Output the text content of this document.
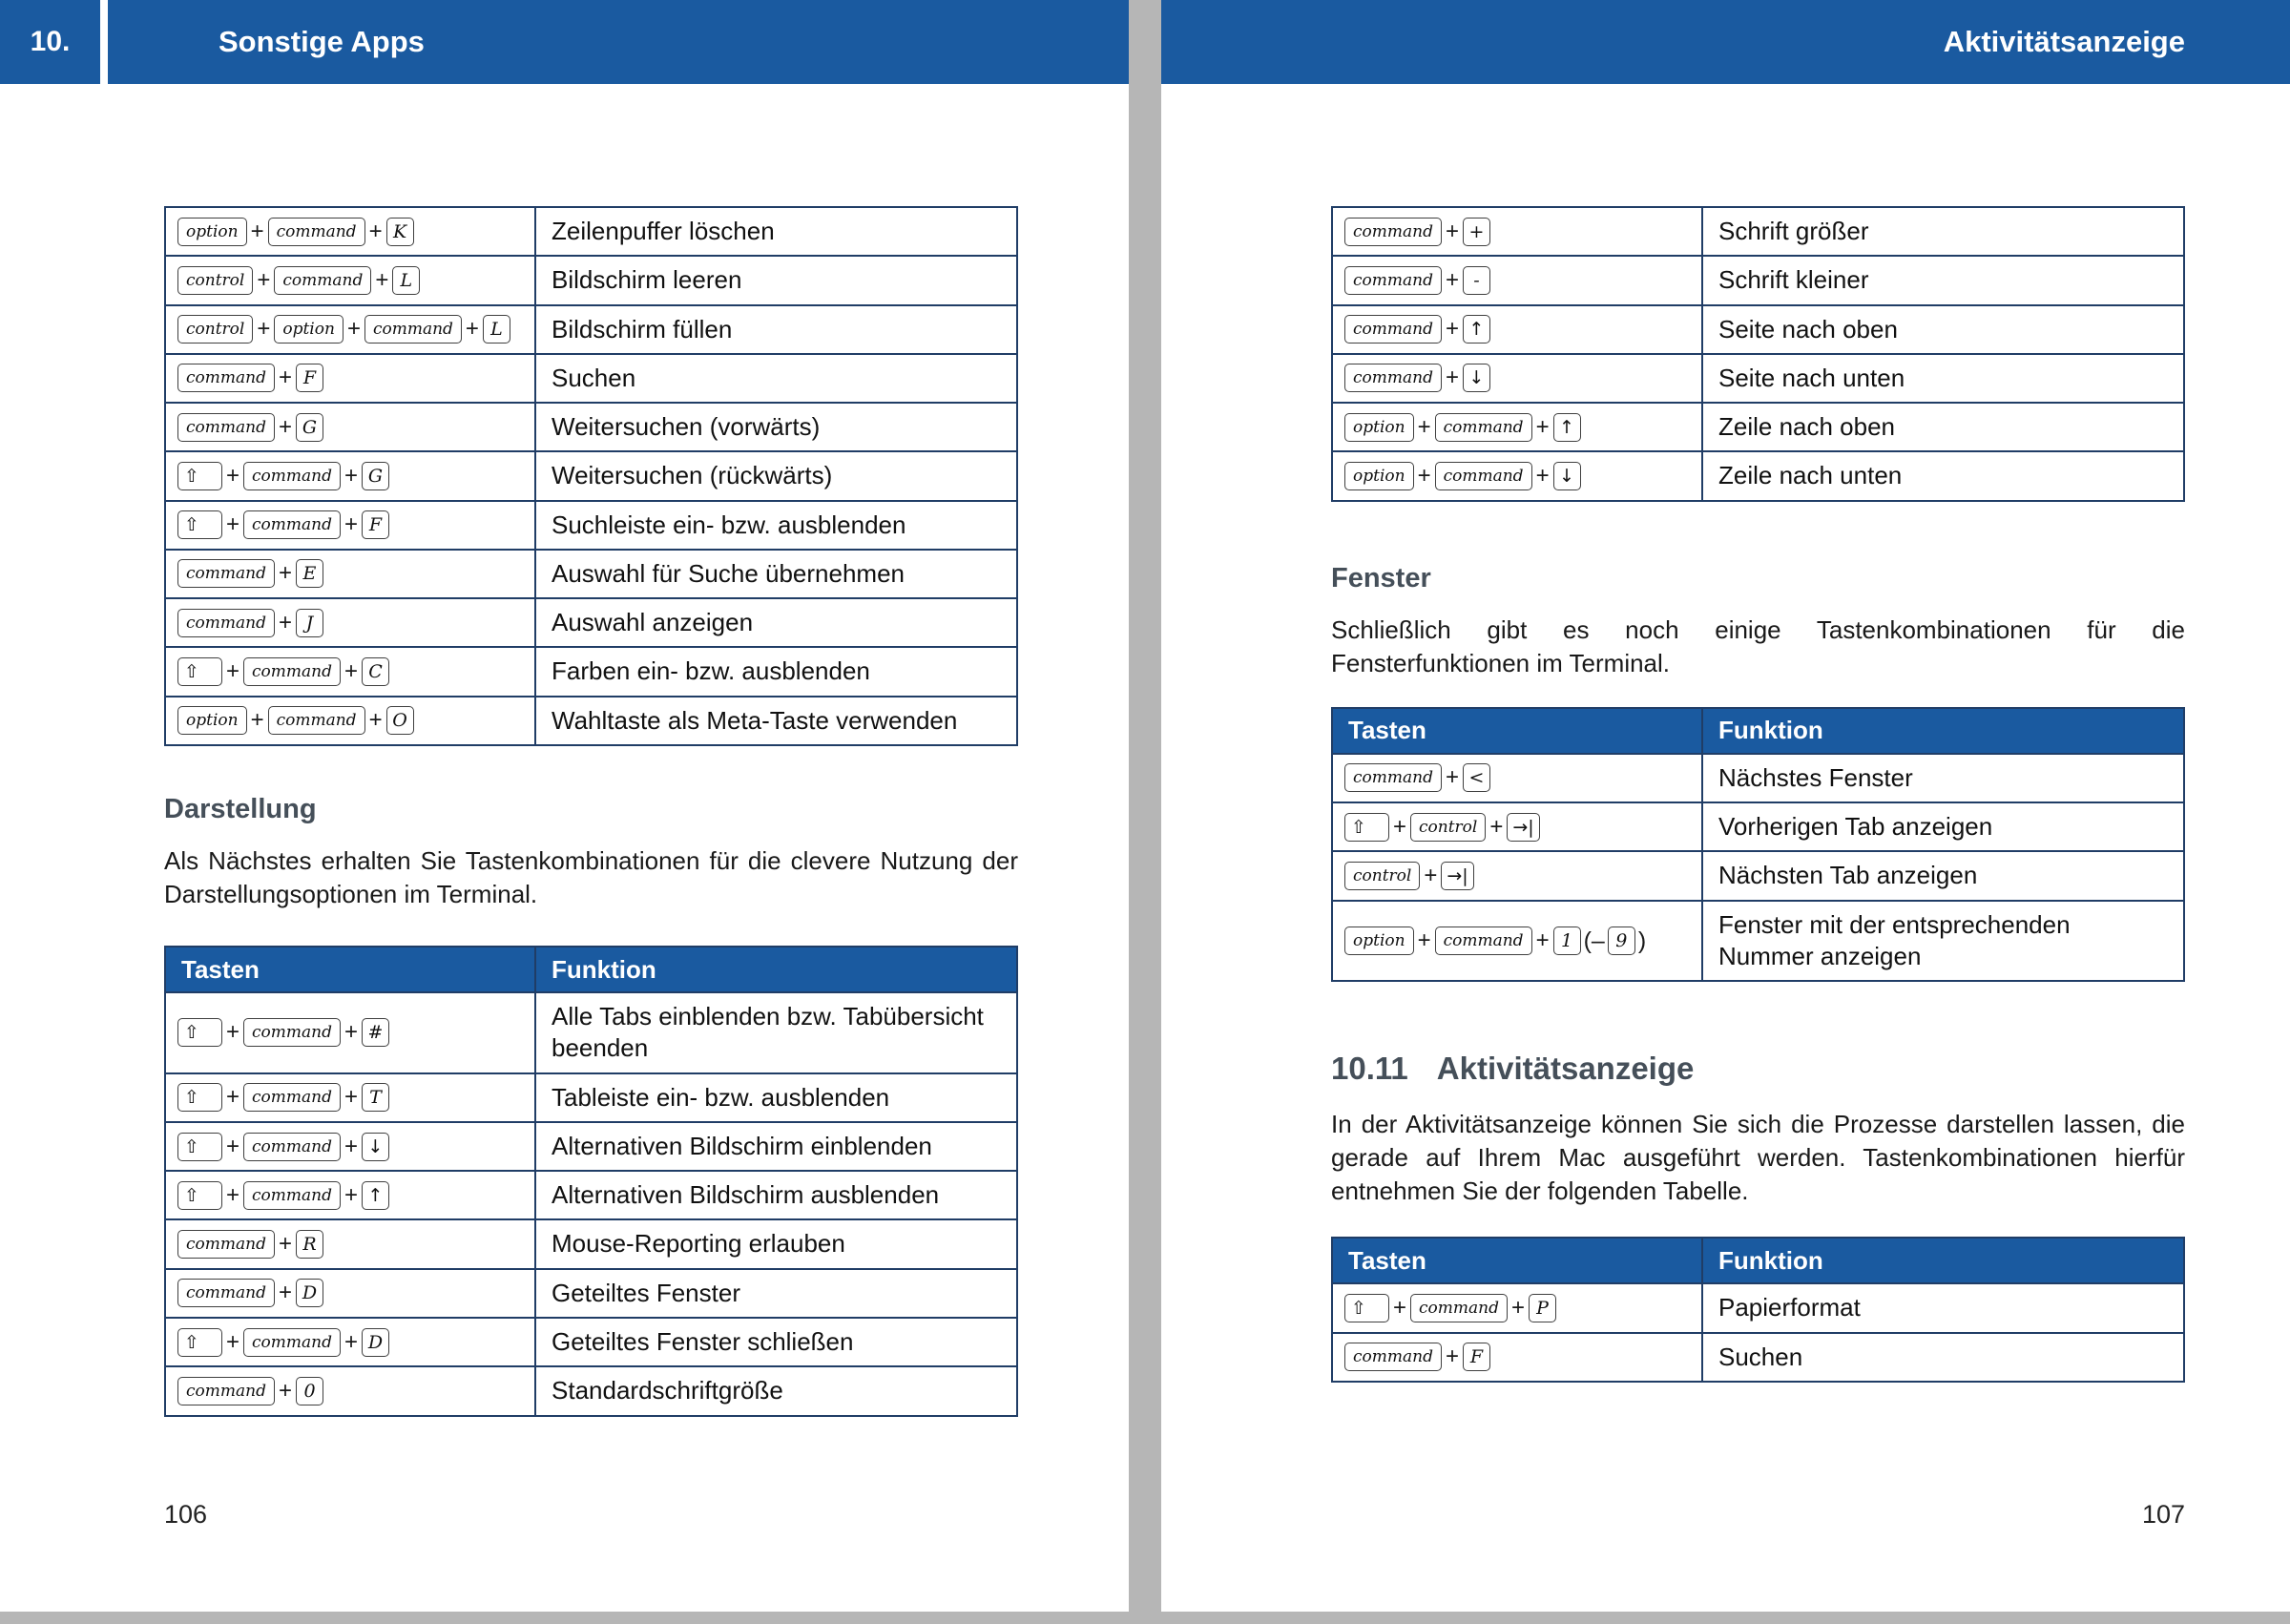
10.	Sonstige Apps
option + command + K	Zeilenpuffer löschen
control + command + L	Bildschirm leeren
control + option + command + L	Bildschirm füllen
command + F	Suchen
command + G	Weitersuchen (vorwärts)
⇧ + command + G	Weitersuchen (rückwärts)
⇧ + command + F	Suchleiste ein- bzw. ausblenden
command + E	Auswahl für Suche übernehmen
command + J	Auswahl anzeigen
⇧ + command + C	Farben ein- bzw. ausblenden
option + command + O	Wahltaste als Meta-Taste verwenden
Darstellung

Als Nächstes erhalten Sie Tastenkombinationen für die clevere Nutzung der Darstellungsoptionen im Terminal.

Tasten	Funktion
⇧ + command + #	Alle Tabs einblenden bzw. Tabübersicht beenden
⇧ + command + T	Tableiste ein- bzw. ausblenden
⇧ + command + ↓	Alternativen Bildschirm einblenden
⇧ + command + ↑	Alternativen Bildschirm ausblenden
command + R	Mouse-Reporting erlauben
command + D	Geteiltes Fenster
⇧ + command + D	Geteiltes Fenster schließen
command + 0	Standardschriftgröße
106
Aktivitätsanzeige
command + +	Schrift größer
command + -	Schrift kleiner
command + ↑	Seite nach oben
command + ↓	Seite nach unten
option + command + ↑	Zeile nach oben
option + command + ↓	Zeile nach unten
Fenster

Schließlich gibt es noch einige Tastenkombinationen für die Fensterfunktionen im Terminal.

Tasten	Funktion
command + <	Nächstes Fenster
⇧ + control + →|	Vorherigen Tab anzeigen
control + →|	Nächsten Tab anzeigen
option + command + 1 (– 9 )	Fenster mit der entsprechenden Nummer anzeigen
10.11 Aktivitätsanzeige

In der Aktivitätsanzeige können Sie sich die Prozesse darstellen lassen, die gerade auf Ihrem Mac ausgeführt werden. Tastenkombinationen hierfür entnehmen Sie der folgenden Tabelle.

Tasten	Funktion
⇧ + command + P	Papierformat
command + F	Suchen
107
